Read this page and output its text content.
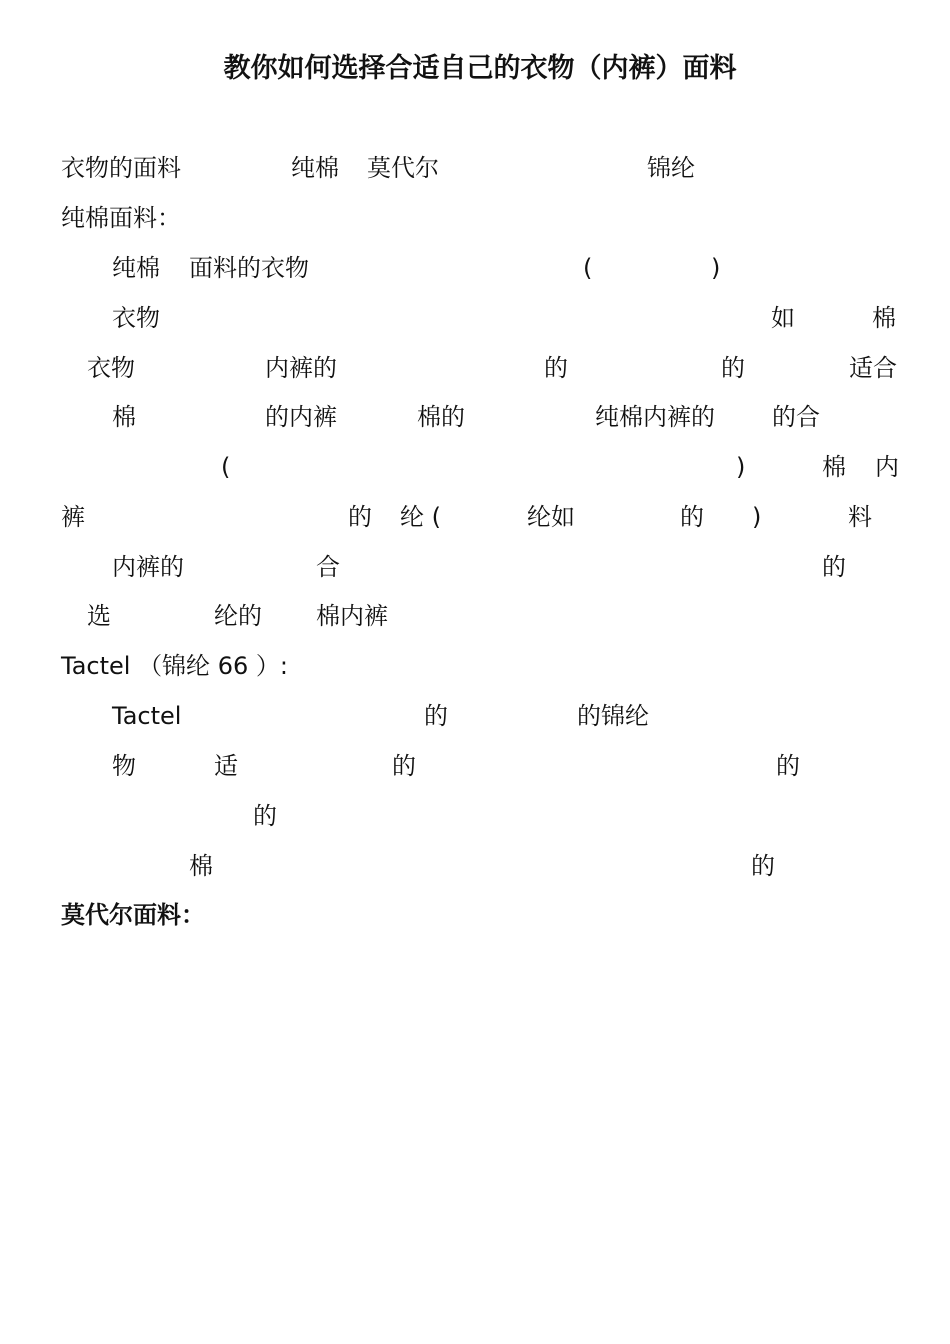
教你如何选择合适自己的衣物（内裤）面料
衣物的面料	纯棉 莫代尔	锦纶
纯棉面料：
纯棉 面料的衣物	(	)
衣物	如	棉
衣物	内裤的	的	的	适合
棉	的内裤	棉的	纯棉内裤的 的合
(	)	棉 内
裤	的 纶 (	纶如	的 )	料
内裤的	合	的
选	纶的 棉内裤
Tactel （锦纶 66 ）:
Tactel	的	的锦纶
物	适	的	的
的
棉	的
莫代尔面料：
